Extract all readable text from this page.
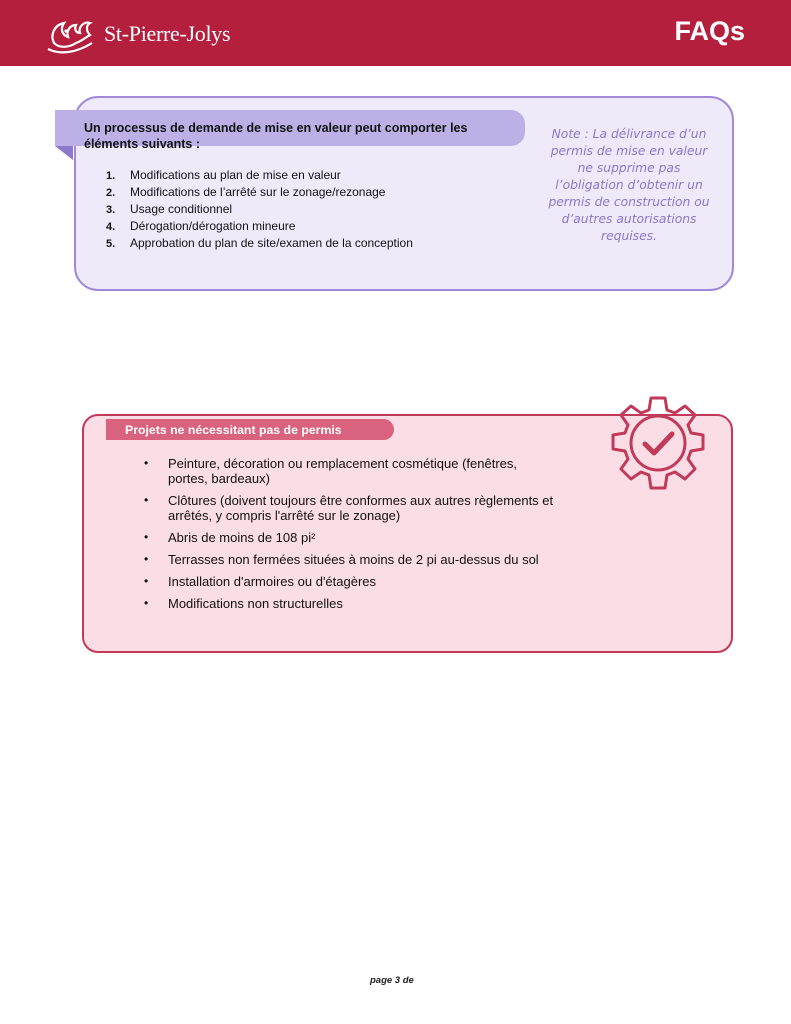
St-Pierre-Jolys	FAQs
Un processus de demande de mise en valeur peut comporter les éléments suivants :
1. Modifications au plan de mise en valeur
2. Modifications de l’arrêté sur le zonage/rezonage
3. Usage conditionnel
4. Dérogation/dérogation mineure
5. Approbation du plan de site/examen de la conception
Note : La délivrance d’un permis de mise en valeur ne supprime pas l’obligation d’obtenir un permis de construction ou d’autres autorisations requises.
Projets ne nécessitant pas de permis
• Peinture, décoration ou remplacement cosmétique (fenêtres, portes, bardeaux)
• Clôtures (doivent toujours être conformes aux autres règlements et arrêtés, y compris l'arrêté sur le zonage)
• Abris de moins de 108 pi²
• Terrasses non fermées situées à moins de 2 pi au-dessus du sol
• Installation d'armoires ou d'étagères
• Modifications non structurelles
page 3 de
